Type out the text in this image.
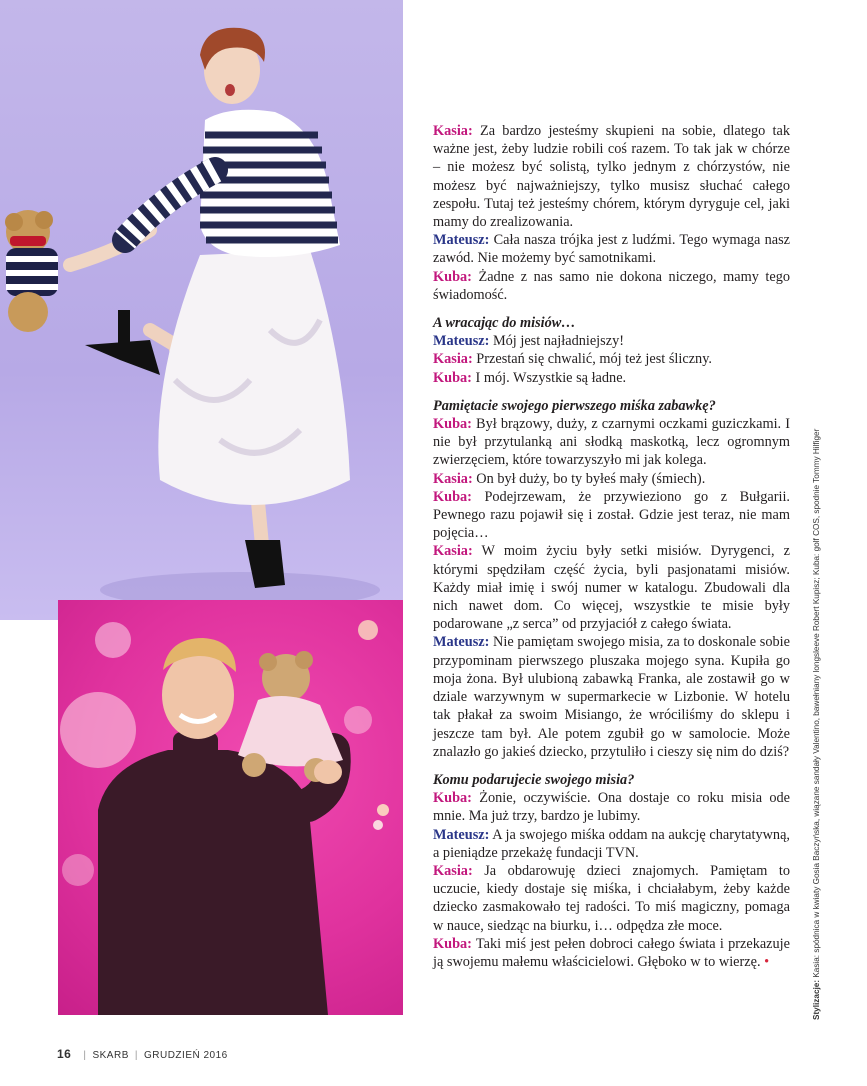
Kasia: Za bardzo jesteśmy skupieni na sobie, dlatego tak ważne jest, żeby ludzie robili coś razem. To tak jak w chórze – nie możesz być solistą, tylko jednym z chórzystów, nie możesz być najważniejszy, tylko musisz słuchać całego zespołu. Tutaj też jesteśmy chórem, którym dyryguje cel, jaki mamy do zrealizowania.

Mateusz: Cała nasza trójka jest z ludźmi. Tego wymaga nasz zawód. Nie możemy być samotnikami.

Kuba: Żadne z nas samo nie dokona niczego, mamy tego świadomość.

A wracając do misiów…

Mateusz: Mój jest najładniejszy!

Kasia: Przestań się chwalić, mój też jest śliczny.

Kuba: I mój. Wszystkie są ładne.

Pamiętacie swojego pierwszego miśka zabawkę?

Kuba: Był brązowy, duży, z czarnymi oczkami guziczkami. I nie był przytulanką ani słodką maskotką, lecz ogromnym zwierzęciem, które towarzyszyło mi jak kolega.

Kasia: On był duży, bo ty byłeś mały (śmiech).

Kuba: Podejrzewam, że przywieziono go z Bułgarii. Pewnego razu pojawił się i został. Gdzie jest teraz, nie mam pojęcia…

Kasia: W moim życiu były setki misiów. Dyrygenci, z którymi spędziłam część życia, byli pasjonatami misiów. Każdy miał imię i swój numer w katalogu. Zbudowali dla nich nawet dom. Co więcej, wszystkie te misie były podarowane „z serca” od przyjaciół z całego świata.

Mateusz: Nie pamiętam swojego misia, za to doskonale sobie przypominam pierwszego pluszaka mojego syna. Kupiła go moja żona. Był ulubioną zabawką Franka, ale zostawił go w dziale warzywnym w supermarkecie w Lizbonie. W hotelu tak płakał za swoim Misiango, że wróciliśmy do sklepu i jeszcze tam był. Ale potem zgubił go w samolocie. Może znalazło go jakieś dziecko, przytuliło i cieszy się nim do dziś?

Komu podarujecie swojego misia?

Kuba: Żonie, oczywiście. Ona dostaje co roku misia ode mnie. Ma już trzy, bardzo je lubimy.

Mateusz: A ja swojego miśka oddam na aukcję charytatywną, a pieniądze przekażę fundacji TVN.

Kasia: Ja obdarowuję dzieci znajomych. Pamiętam to uczucie, kiedy dostaje się miśka, i chciałabym, żeby każde dziecko zasmakowało tej radości. To miś magiczny, pomaga w nauce, siedząc na biurku, i… odpędza złe moce.

Kuba: Taki miś jest pełen dobroci całego świata i przekazuje ją swojemu małemu właścicielowi. Głęboko w to wierzę. •

Stylizacje: Kasia: spódnica w kwiaty Gosia Baczyńska, wiązane sandały Valentino, bawełniany longsleeve Robert Kupisz; Kuba: golf COS, spodnie Tommy Hilfiger
16 | SKARB | GRUDZIEŃ 2016
